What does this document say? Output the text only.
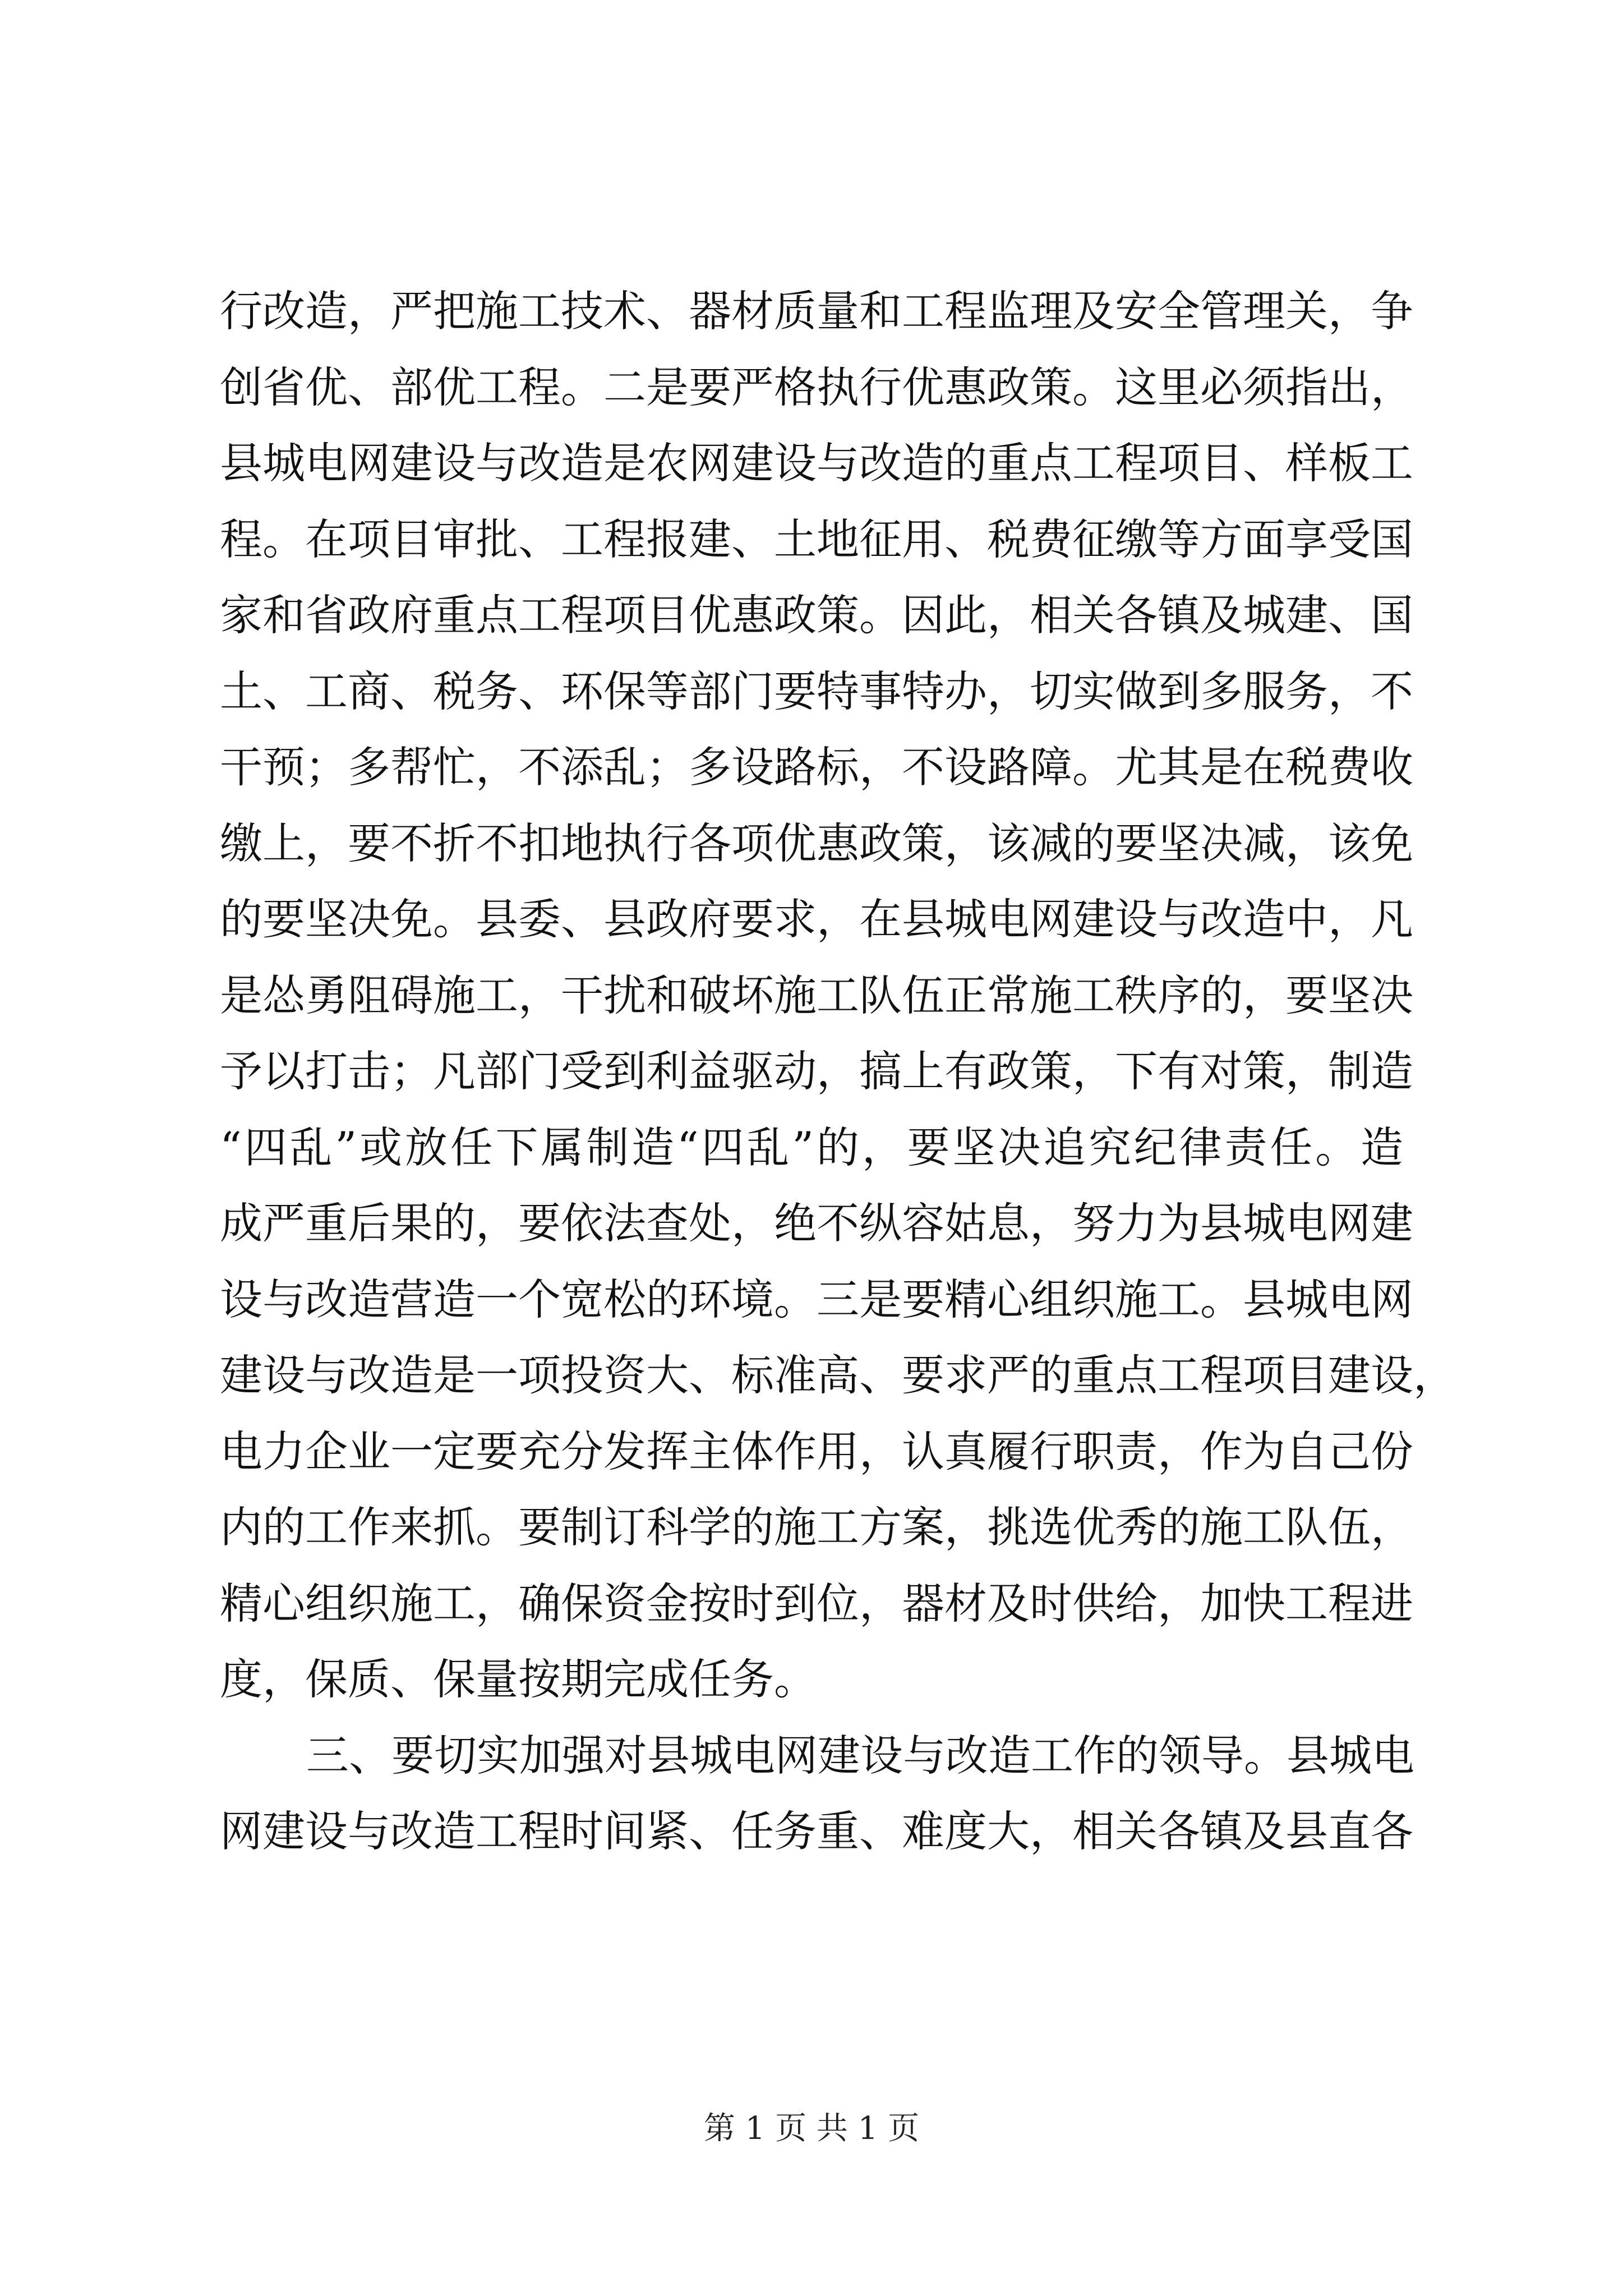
行改造，严把施工技术、器材质量和工程监理及安全管理关，争
创省优、部优工程。二是要严格执行优惠政策。这里必须指出，
县城电网建设与改造是农网建设与改造的重点工程项目、样板工
程。在项目审批、工程报建、土地征用、税费征缴等方面享受国
家和省政府重点工程项目优惠政策。因此，相关各镇及城建、国
土、工商、税务、环保等部门要特事特办，切实做到多服务，不
干预；多帮忙，不添乱；多设路标，不设路障。尤其是在税费收
缴上，要不折不扣地执行各项优惠政策，该减的要坚决减，该免
的要坚决免。县委、县政府要求，在县城电网建设与改造中，凡
是怂勇阻碍施工，干扰和破坏施工队伍正常施工秩序的，要坚决
予以打击；凡部门受到利益驱动，搞上有政策，下有对策，制造
“四乱”或放任下属制造“四乱”的，要坚决追究纪律责任。造
成严重后果的，要依法查处，绝不纵容姑息，努力为县城电网建
设与改造营造一个宽松的环境。三是要精心组织施工。县城电网
建设与改造是一项投资大、标准高、要求严的重点工程项目建设，
电力企业一定要充分发挥主体作用，认真履行职责，作为自己份
内的工作来抓。要制订科学的施工方案，挑选优秀的施工队伍，
精心组织施工，确保资金按时到位，器材及时供给，加快工程进
度，保质、保量按期完成任务。
三、要切实加强对县城电网建设与改造工作的领导。县城电
网建设与改造工程时间紧、任务重、难度大，相关各镇及县直各
第 1 页 共 1 页
